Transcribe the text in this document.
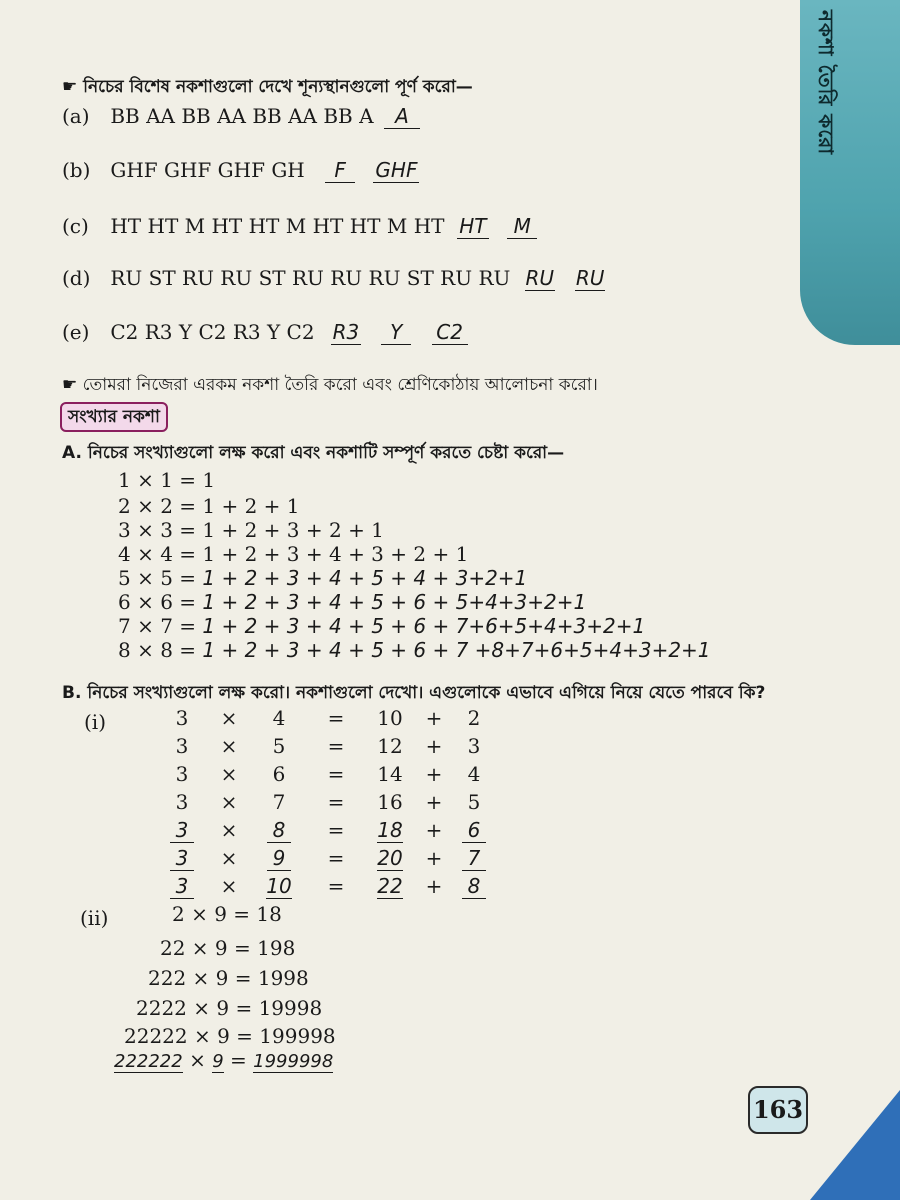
নকশা তৈরি করো
☛ নিচের বিশেষ নকশাগুলো দেখে শূন্যস্থানগুলো পূর্ণ করো—
(a) BB AA BB AA BB AA BB A A
(b) GHF GHF GHF GH F GHF
(c) HT HT M HT HT M HT HT M HT HT M
(d) RU ST RU RU ST RU RU RU ST RU RU RU RU
(e) C2 R3 Y C2 R3 Y C2 R3 Y C2
☛ তোমরা নিজেরা এরকম নকশা তৈরি করো এবং শ্রেণিকোঠায় আলোচনা করো।
সংখ্যার নকশা
A. নিচের সংখ্যাগুলো লক্ষ করো এবং নকশাটি সম্পূর্ণ করতে চেষ্টা করো—
1 × 1 = 1
2 × 2 = 1 + 2 + 1
3 × 3 = 1 + 2 + 3 + 2 + 1
4 × 4 = 1 + 2 + 3 + 4 + 3 + 2 + 1
5 × 5 = 1 + 2 + 3 + 4 + 5 + 4 + 3+2+1
6 × 6 = 1 + 2 + 3 + 4 + 5 + 6 + 5+4+3+2+1
7 × 7 = 1 + 2 + 3 + 4 + 5 + 6 + 7+6+5+4+3+2+1
8 × 8 = 1 + 2 + 3 + 4 + 5 + 6 + 7 +8+7+6+5+4+3+2+1
B. নিচের সংখ্যাগুলো লক্ষ করো। নকশাগুলো দেখো। এগুলোকে এভাবে এগিয়ে নিয়ে যেতে পারবে কি?
(i)	3	×	4	=	10	+	2
3	×	5	=	12	+	3
3	×	6	=	14	+	4
3	×	7	=	16	+	5
3	×	8	=	18	+	6
3	×	9	=	20	+	7
3	×	10	=	22	+	8
(ii)	2 × 9 = 18
22 × 9 = 198
222 × 9 = 1998
2222 × 9 = 19998
22222 × 9 = 199998
222222 × 9 = 1999998
163
